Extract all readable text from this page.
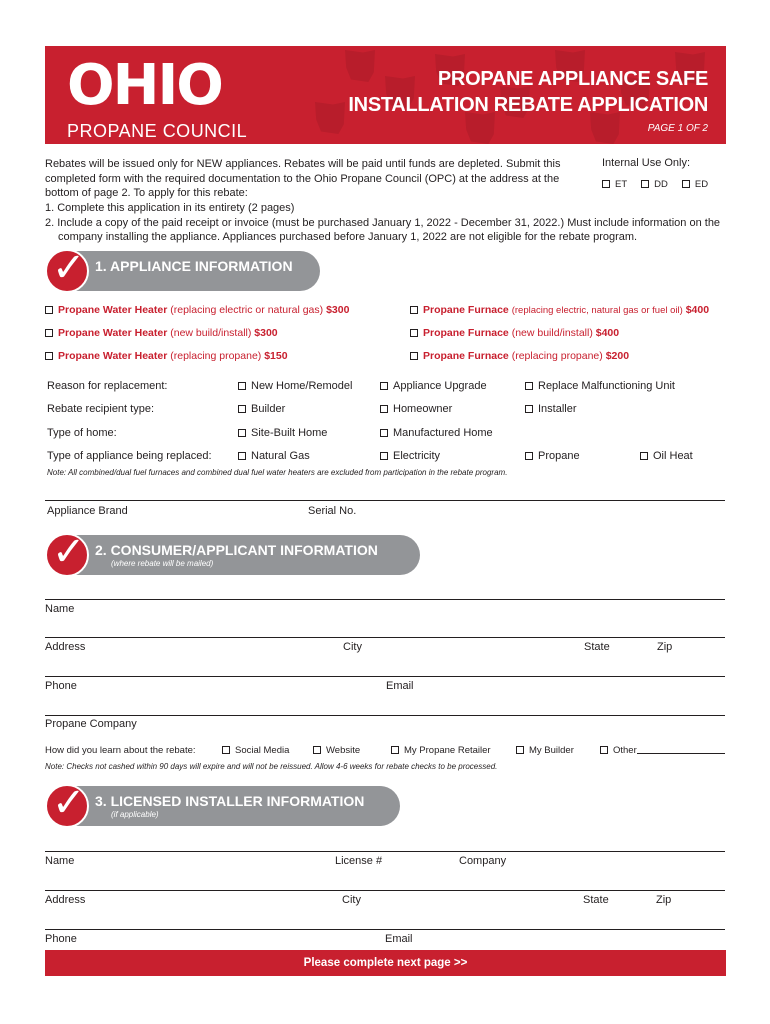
OHIO
PROPANE COUNCIL
PROPANE APPLIANCE SAFE
INSTALLATION REBATE APPLICATION
PAGE 1 OF 2
Rebates will be issued only for NEW appliances. Rebates will be paid until funds are depleted. Submit this completed form with the required documentation to the Ohio Propane Council (OPC) at the address at the bottom of page 2. To apply for this rebate:
1. Complete this application in its entirety (2 pages)
2. Include a copy of the paid receipt or invoice (must be purchased January 1, 2022 - December 31, 2022.) Must include information on the company installing the appliance. Appliances purchased before January 1, 2022 are not eligible for the rebate program.
Internal Use Only:
ET	DD	ED
✓ 1. APPLIANCE INFORMATION
Propane Water Heater (replacing electric or natural gas) $300	Propane Furnace (replacing electric, natural gas or fuel oil) $400
Propane Water Heater (new build/install) $300	Propane Furnace (new build/install) $400
Propane Water Heater (replacing propane) $150	Propane Furnace (replacing propane) $200
Reason for replacement:	New Home/Remodel	Appliance Upgrade	Replace Malfunctioning Unit
Rebate recipient type:	Builder	Homeowner	Installer
Type of home:	Site-Built Home	Manufactured Home
Type of appliance being replaced:	Natural Gas	Electricity	Propane	Oil Heat
Note: All combined/dual fuel furnaces and combined dual fuel water heaters are excluded from participation in the rebate program.
Appliance Brand	Serial No.
✓ 2. CONSUMER/APPLICANT INFORMATION
(where rebate will be mailed)
Name
Address	City	State	Zip
Phone	Email
Propane Company
How did you learn about the rebate:	Social Media	Website	My Propane Retailer	My Builder	Other
Note: Checks not cashed within 90 days will expire and will not be reissued. Allow 4-6 weeks for rebate checks to be processed.
✓ 3. LICENSED INSTALLER INFORMATION
(if applicable)
Name	License #	Company
Address	City	State	Zip
Phone	Email
Please complete next page >>
